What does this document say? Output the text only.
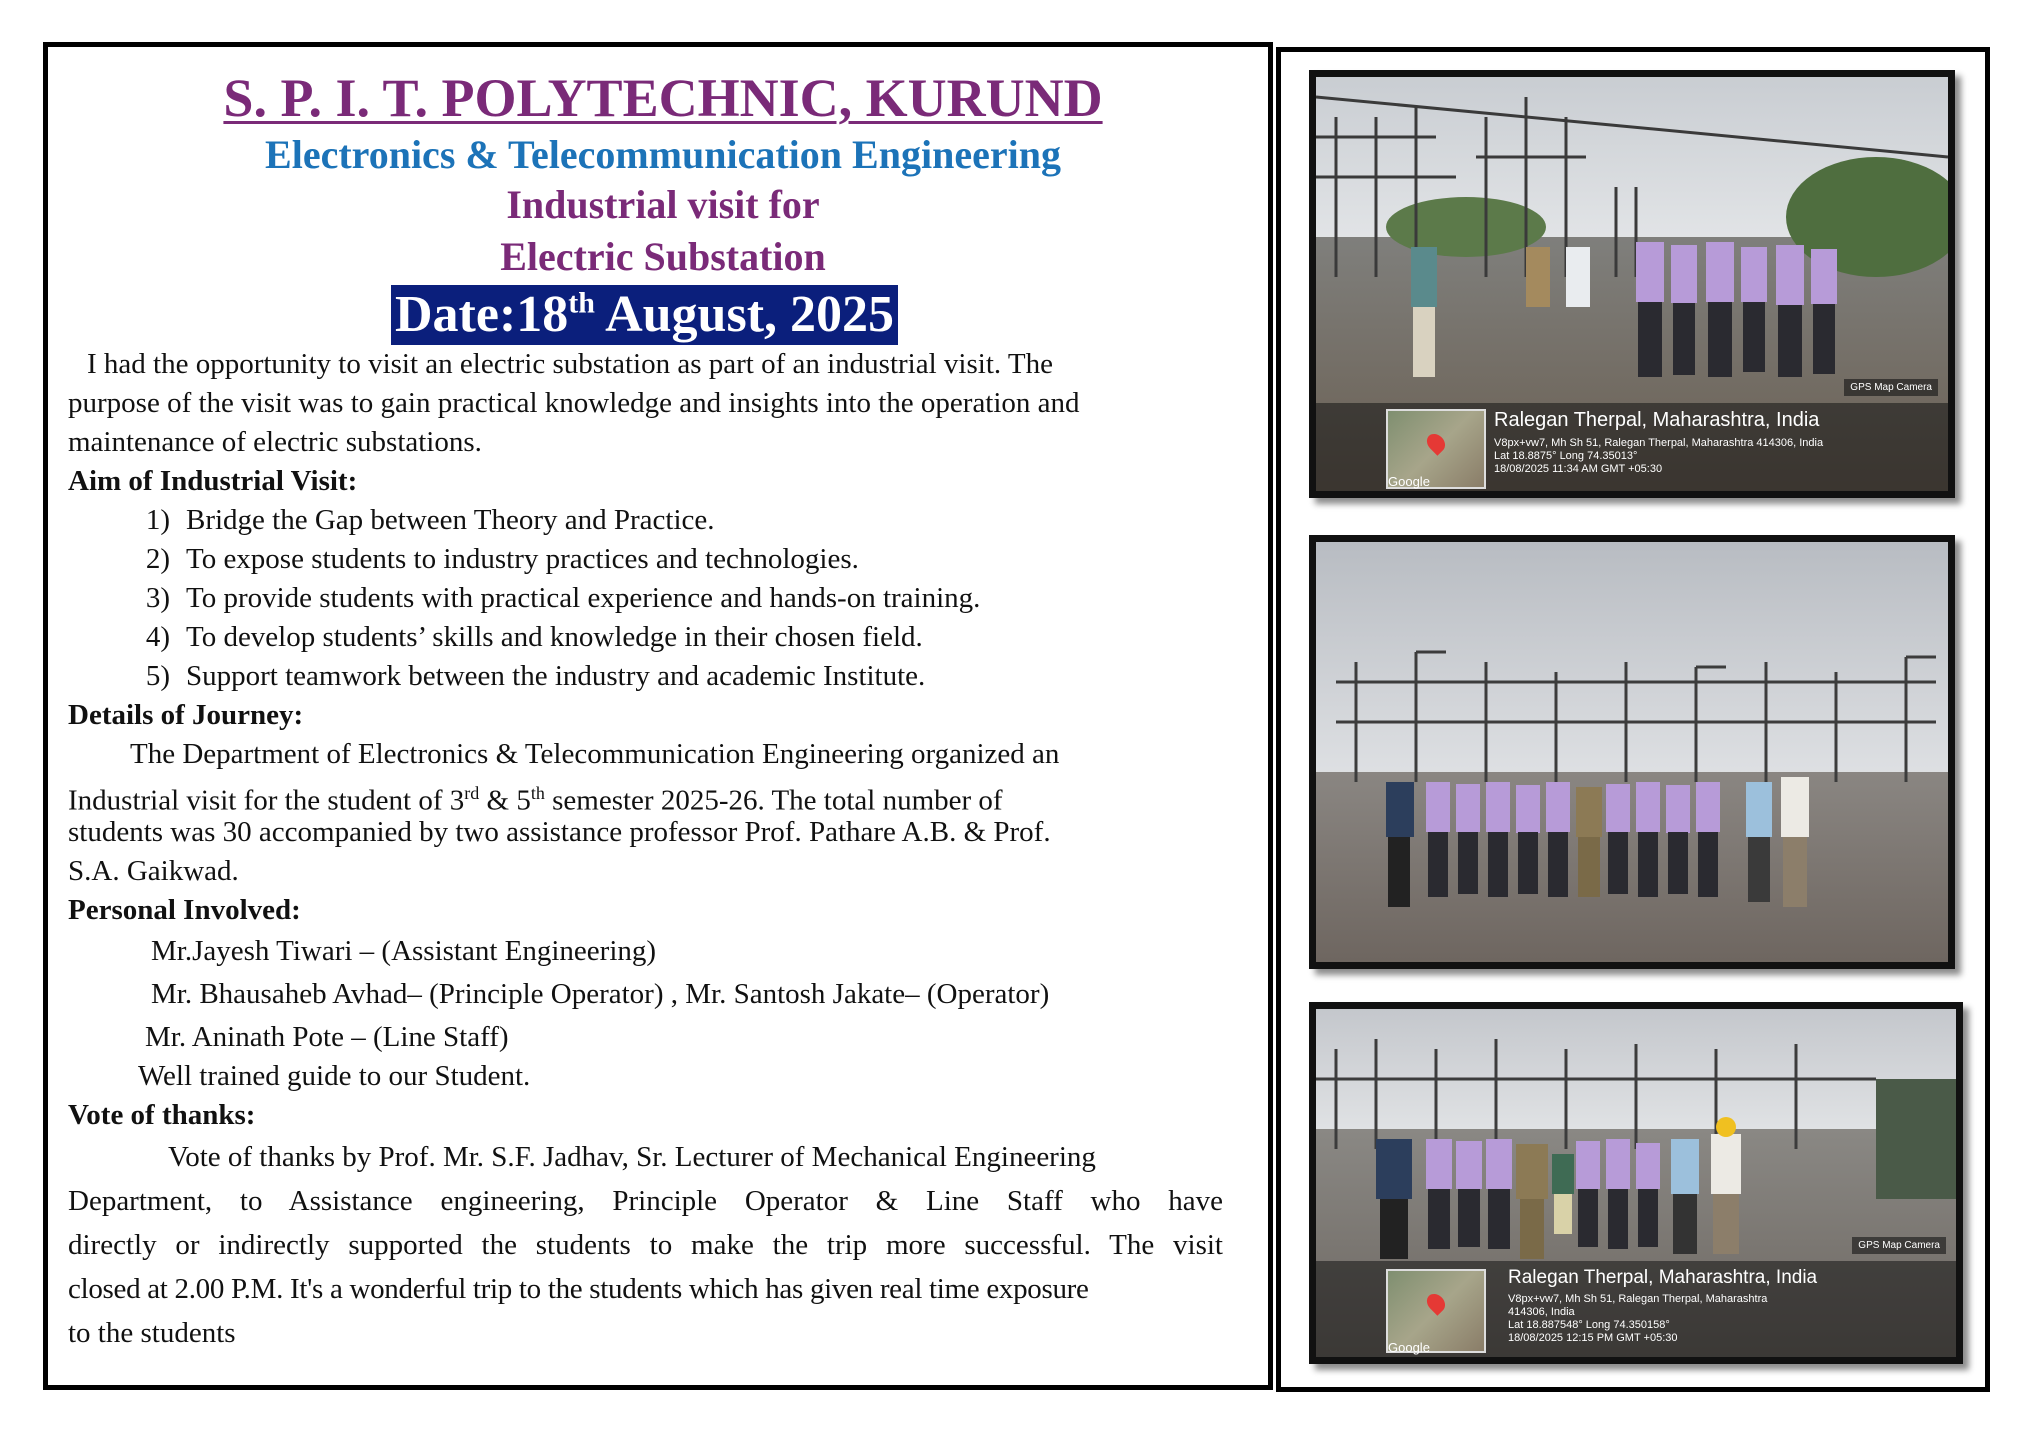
S. P. I. T. POLYTECHNIC, KURUND
Electronics & Telecommunication Engineering
Industrial visit for
Electric Substation
Date:18th August, 2025
I had the opportunity to visit an electric substation as part of an industrial visit. The
purpose of the visit was to gain practical knowledge and insights into the operation and
maintenance of electric substations.
Aim of Industrial Visit:
1) Bridge the Gap between Theory and Practice.
2) To expose students to industry practices and technologies.
3) To provide students with practical experience and hands-on training.
4) To develop students’ skills and knowledge in their chosen field.
5) Support teamwork between the industry and academic Institute.
Details of Journey:
The Department of Electronics & Telecommunication Engineering organized an
Industrial visit for the student of 3rd & 5th semester 2025-26. The total number of
students was 30 accompanied by two assistance professor Prof. Pathare A.B. & Prof.
S.A. Gaikwad.
Personal Involved:
Mr.Jayesh Tiwari – (Assistant Engineering)
Mr. Bhausaheb Avhad– (Principle Operator) , Mr. Santosh Jakate– (Operator)
Mr. Aninath Pote – (Line Staff)
Well trained guide to our Student.
Vote of thanks:
Vote of thanks by Prof. Mr. S.F. Jadhav, Sr. Lecturer of Mechanical Engineering
Department, to Assistance engineering, Principle Operator & Line Staff who have
directly or indirectly supported the students to make the trip more successful. The visit
closed at 2.00 P.M. It's a wonderful trip to the students which has given real time exposure
to the students
GPS Map Camera
Google
Ralegan Therpal, Maharashtra, India
V8px+vw7, Mh Sh 51, Ralegan Therpal, Maharashtra 414306, India
Lat 18.8875° Long 74.35013°
18/08/2025 11:34 AM GMT +05:30
GPS Map Camera
Google
Ralegan Therpal, Maharashtra, India
V8px+vw7, Mh Sh 51, Ralegan Therpal, Maharashtra
414306, India
Lat 18.887548° Long 74.350158°
18/08/2025 12:15 PM GMT +05:30
